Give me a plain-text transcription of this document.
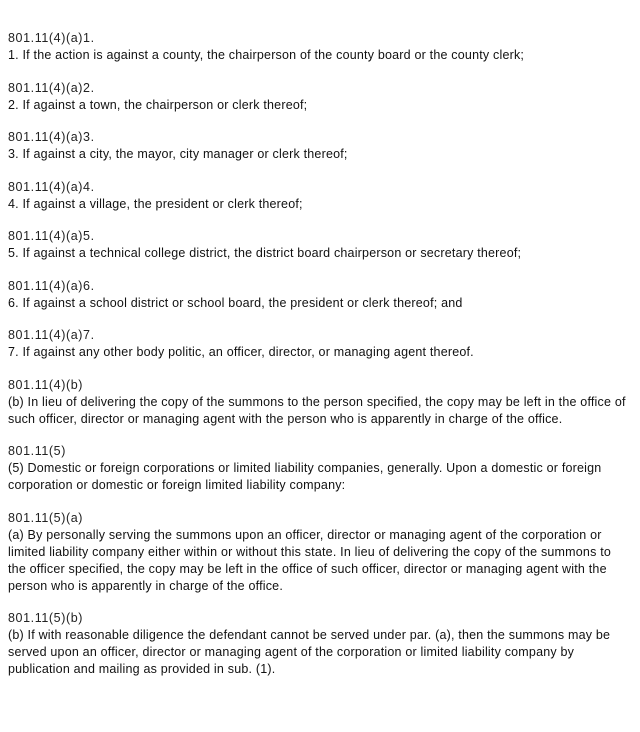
801.11(4)(a)1.
1. If the action is against a county, the chairperson of the county board or the county clerk;
801.11(4)(a)2.
2. If against a town, the chairperson or clerk thereof;
801.11(4)(a)3.
3. If against a city, the mayor, city manager or clerk thereof;
801.11(4)(a)4.
4. If against a village, the president or clerk thereof;
801.11(4)(a)5.
5. If against a technical college district, the district board chairperson or secretary thereof;
801.11(4)(a)6.
6. If against a school district or school board, the president or clerk thereof; and
801.11(4)(a)7.
7. If against any other body politic, an officer, director, or managing agent thereof.
801.11(4)(b)
(b) In lieu of delivering the copy of the summons to the person specified, the copy may be left in the office of such officer, director or managing agent with the person who is apparently in charge of the office.
801.11(5)
(5) Domestic or foreign corporations or limited liability companies, generally. Upon a domestic or foreign corporation or domestic or foreign limited liability company:
801.11(5)(a)
(a) By personally serving the summons upon an officer, director or managing agent of the corporation or limited liability company either within or without this state. In lieu of delivering the copy of the summons to the officer specified, the copy may be left in the office of such officer, director or managing agent with the person who is apparently in charge of the office.
801.11(5)(b)
(b) If with reasonable diligence the defendant cannot be served under par. (a), then the summons may be served upon an officer, director or managing agent of the corporation or limited liability company by publication and mailing as provided in sub. (1).
